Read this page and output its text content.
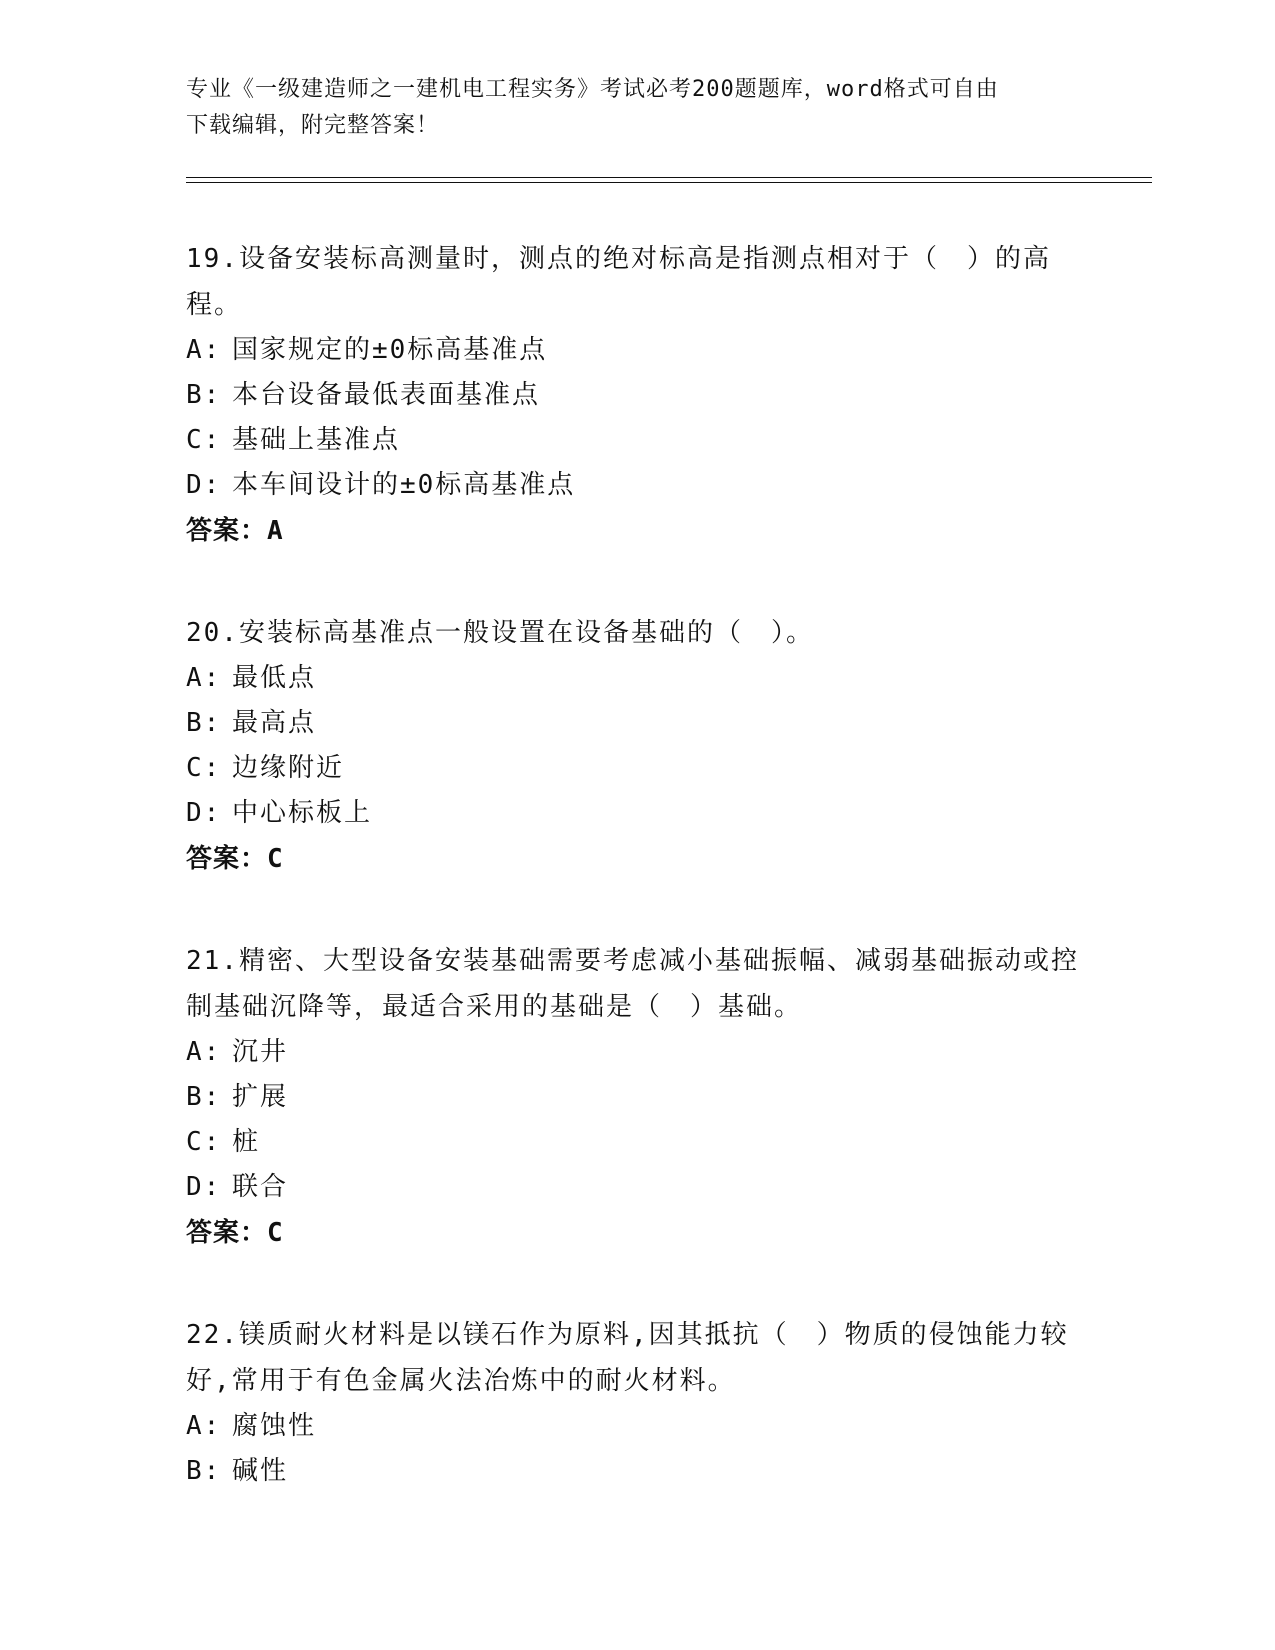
专业《一级建造师之一建机电工程实务》考试必考200题题库，word格式可自由
下载编辑，附完整答案！

19.设备安装标高测量时，测点的绝对标高是指测点相对于（　）的高程。

A: 国家规定的±0标高基准点

B: 本台设备最低表面基准点

C: 基础上基准点

D: 本车间设计的±0标高基准点

答案：A

20.安装标高基准点一般设置在设备基础的（　）。

A: 最低点

B: 最高点

C: 边缘附近

D: 中心标板上

答案：C

21.精密、大型设备安装基础需要考虑减小基础振幅、减弱基础振动或控制基础沉降等，最适合采用的基础是（　）基础。

A: 沉井

B: 扩展

C: 桩

D: 联合

答案：C

22.镁质耐火材料是以镁石作为原料,因其抵抗（　）物质的侵蚀能力较好,常用于有色金属火法冶炼中的耐火材料。

A: 腐蚀性

B: 碱性
